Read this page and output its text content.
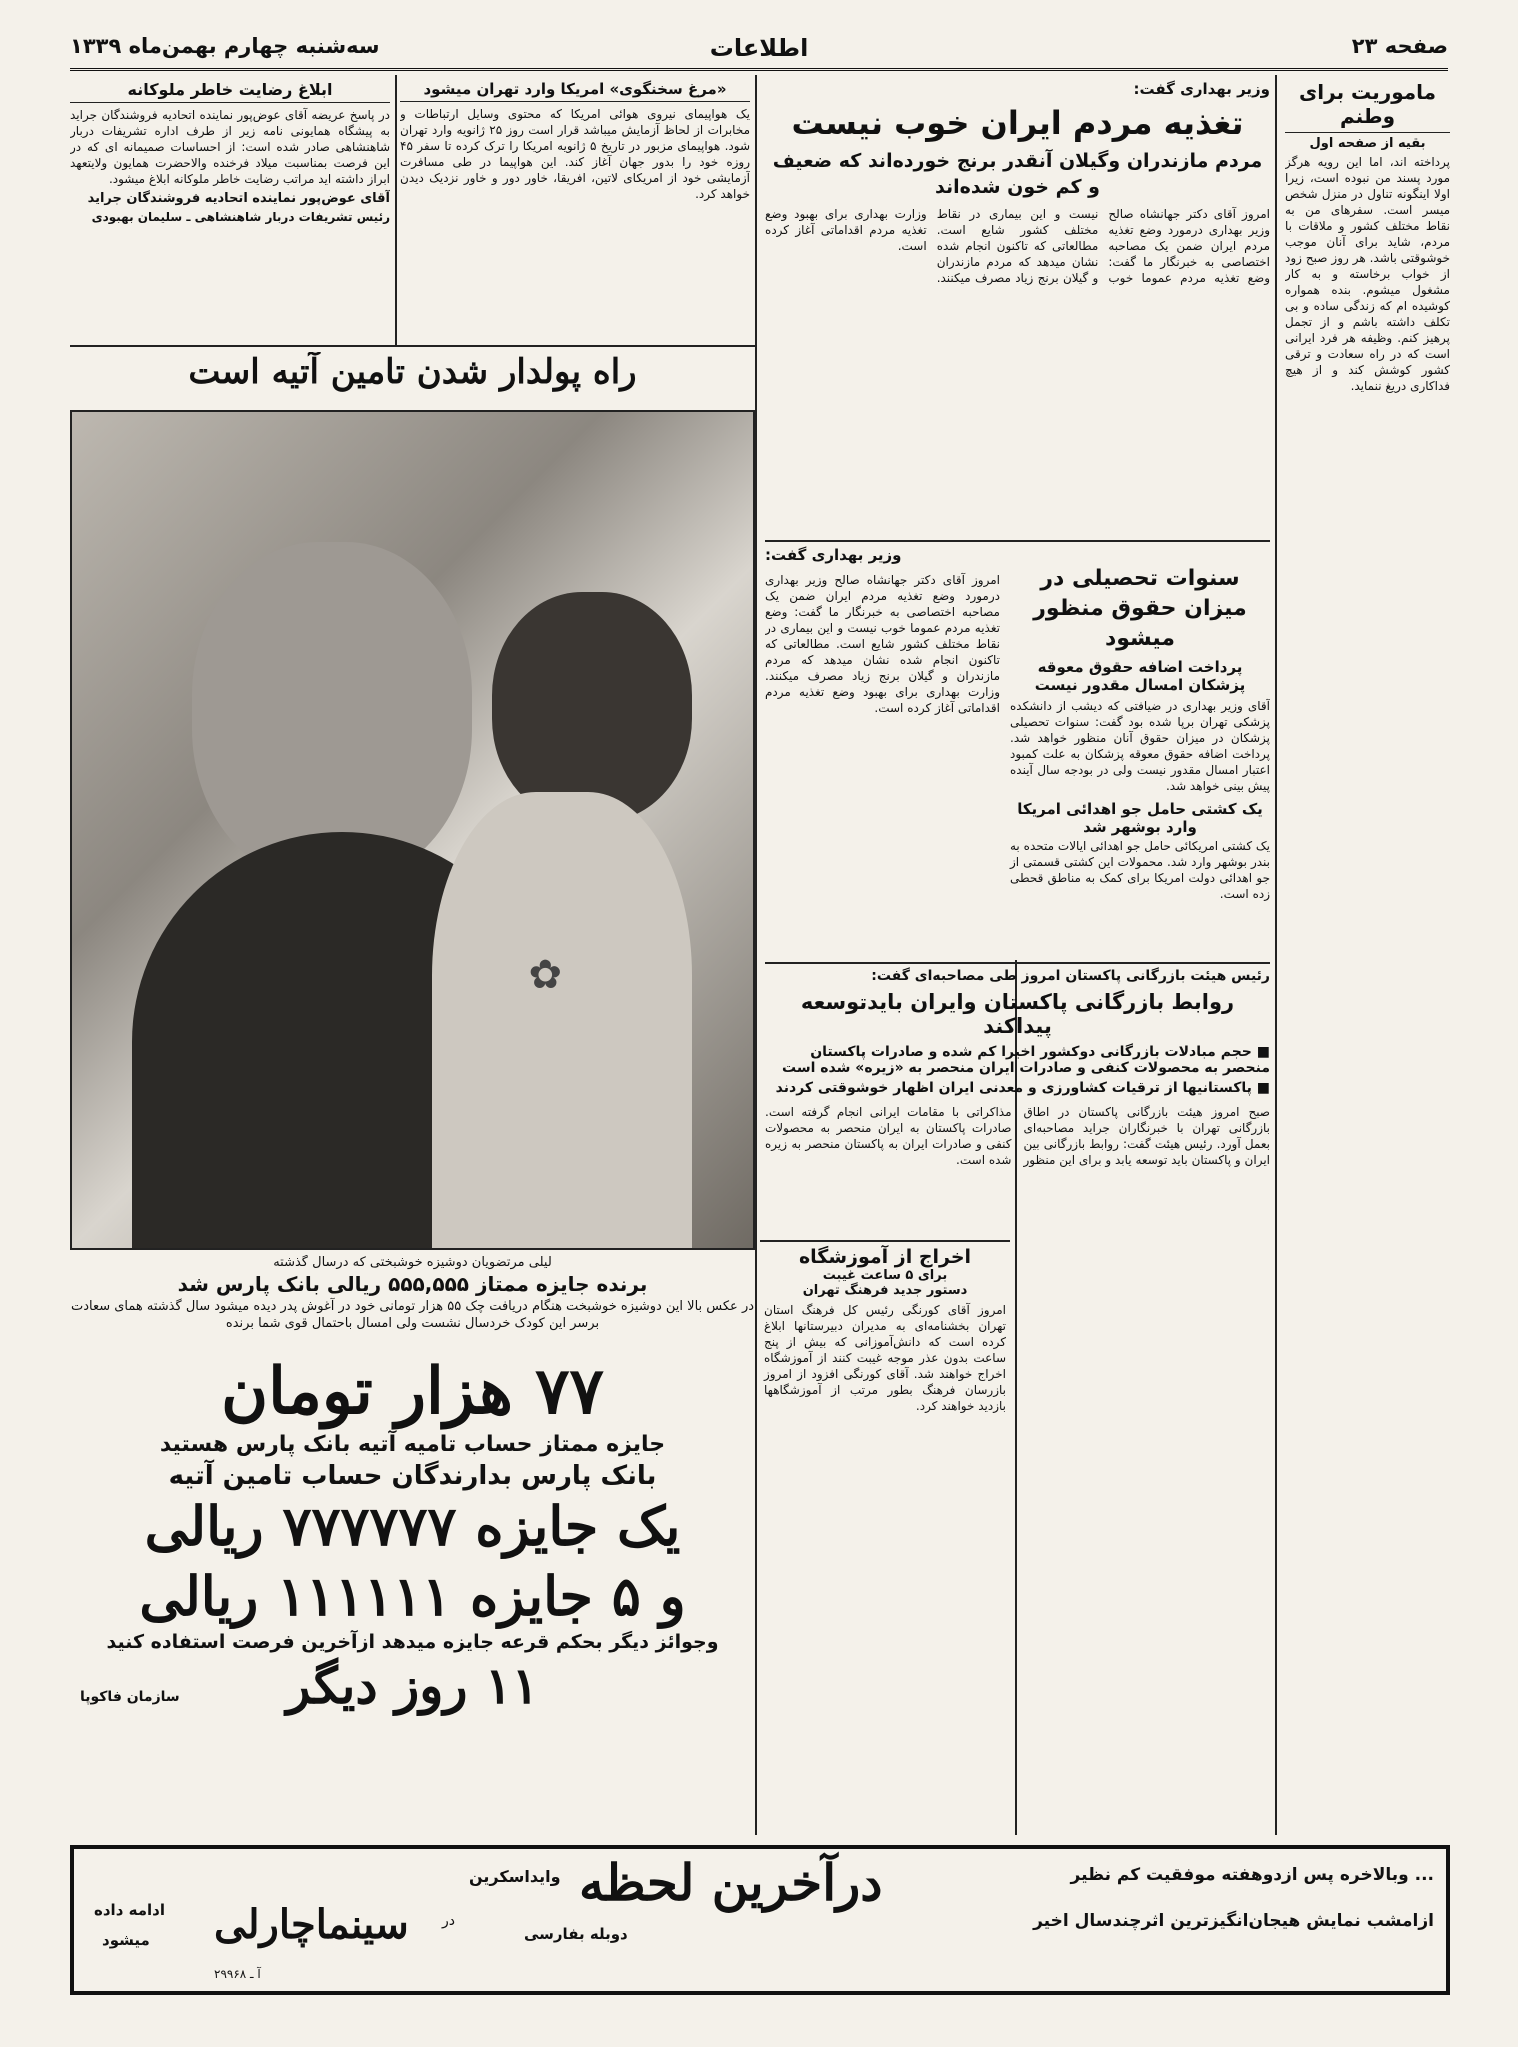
صفحه ۲۳
اطلاعات
سه‌شنبه چهارم بهمن‌ماه ۱۳۳۹
ماموریت برای وطنم
بقیه از صفحه اول
پرداخته اند، اما این رویه هرگز مورد پسند من نبوده است، زیرا اولا اینگونه تناول در منزل شخص میسر است. سفرهای من به نقاط مختلف کشور و ملاقات با مردم، شاید برای آنان موجب خوشوقتی باشد. هر روز صبح زود از خواب برخاسته و به کار مشغول میشوم. بنده همواره کوشیده ام که زندگی ساده و بی تکلف داشته باشم و از تجمل پرهیز کنم. وظیفه هر فرد ایرانی است که در راه سعادت و ترقی کشور کوشش کند و از هیچ فداکاری دریغ ننماید.
وزیر بهداری گفت:
تغذیه مردم ایران خوب نیست
مردم مازندران وگیلان آنقدر برنج خورده‌اند که ضعیف و کم خون شده‌اند
امروز آقای دکتر جهانشاه صالح وزیر بهداری درمورد وضع تغذیه مردم ایران ضمن یک مصاحبه اختصاصی به خبرنگار ما گفت: وضع تغذیه مردم عموما خوب نیست و این بیماری در نقاط مختلف کشور شایع است. مطالعاتی که تاکنون انجام شده نشان میدهد که مردم مازندران و گیلان برنج زیاد مصرف میکنند. وزارت بهداری برای بهبود وضع تغذیه مردم اقداماتی آغاز کرده است.
وزیر بهداری گفت:
سنوات تحصیلی در میزان حقوق منظور میشود
پرداخت اضافه حقوق معوقه پزشکان امسال مقدور نیست
آقای وزیر بهداری در ضیافتی که دیشب از دانشکده پزشکی تهران برپا شده بود گفت: سنوات تحصیلی پزشکان در میزان حقوق آنان منظور خواهد شد. پرداخت اضافه حقوق معوقه پزشکان به علت کمبود اعتبار امسال مقدور نیست ولی در بودجه سال آینده پیش بینی خواهد شد.
یک کشتی حامل جو اهدائی امریکا وارد بوشهر شد
یک کشتی امریکائی حامل جو اهدائی ایالات متحده به بندر بوشهر وارد شد. محمولات این کشتی قسمتی از جو اهدائی دولت امریکا برای کمک به مناطق قحطی زده است.
امروز آقای دکتر جهانشاه صالح وزیر بهداری درمورد وضع تغذیه مردم ایران ضمن یک مصاحبه اختصاصی به خبرنگار ما گفت: وضع تغذیه مردم عموما خوب نیست و این بیماری در نقاط مختلف کشور شایع است. مطالعاتی که تاکنون انجام شده نشان میدهد که مردم مازندران و گیلان برنج زیاد مصرف میکنند. وزارت بهداری برای بهبود وضع تغذیه مردم اقداماتی آغاز کرده است.
رئیس هیئت بازرگانی پاکستان امروز طی مصاحبه‌ای گفت:
روابط بازرگانی پاکستان وایران بایدتوسعه پیداکند
■ حجم مبادلات بازرگانی دوکشور اخیرا کم شده و صادرات پاکستان منحصر به محصولات کنفی و صادرات ایران منحصر به «زیره» شده است
■ پاکستانیها از ترقیات کشاورزی و معدنی ایران اظهار خوشوقتی کردند
صبح امروز هیئت بازرگانی پاکستان در اطاق بازرگانی تهران با خبرنگاران جراید مصاحبه‌ای بعمل آورد. رئیس هیئت گفت: روابط بازرگانی بین ایران و پاکستان باید توسعه یابد و برای این منظور مذاکراتی با مقامات ایرانی انجام گرفته است. صادرات پاکستان به ایران منحصر به محصولات کنفی و صادرات ایران به پاکستان منحصر به زیره شده است.
«مرغ سخنگوی» امریکا وارد تهران میشود
یک هواپیمای نیروی هوائی امریکا که محتوی وسایل ارتباطات و مخابرات از لحاظ آزمایش میباشد قرار است روز ۲۵ ژانویه وارد تهران شود. هواپیمای مزبور در تاریخ ۵ ژانویه امریکا را ترک کرده تا سفر ۴۵ روزه خود را بدور جهان آغاز کند. این هواپیما در طی مسافرت آزمایشی خود از امریکای لاتین، افریقا، خاور دور و خاور نزدیک دیدن خواهد کرد.
ابلاغ رضایت خاطر ملوکانه
در پاسخ عریضه آقای عوض‌پور نماینده اتحادیه فروشندگان جراید به پیشگاه همایونی نامه زیر از طرف اداره تشریفات دربار شاهنشاهی صادر شده است: از احساسات صمیمانه ای که در این فرصت بمناسبت میلاد فرخنده والاحضرت همایون ولایتعهد ابراز داشته اید مراتب رضایت خاطر ملوکانه ابلاغ میشود.
آقای عوض‌پور نماینده اتحادیه فروشندگان جراید
رئیس تشریفات دربار شاهنشاهی ـ سلیمان بهبودی
راه پولدار شدن تامین آتیه است
✿
لیلی مرتضویان دوشیزه خوشبختی که درسال گذشته
برنده جایزه ممتاز ۵۵۵,۵۵۵ ریالی بانک پارس شد
در عکس بالا این دوشیزه خوشبخت هنگام دریافت چک ۵۵ هزار تومانی خود در آغوش پدر دیده میشود سال گذشته همای سعادت برسر این کودک خردسال نشست ولی امسال باحتمال قوی شما برنده
۷۷ هزار تومان
جایزه ممتاز حساب تامیه آتیه بانک پارس هستید
بانک پارس بدارندگان حساب تامین آتیه
یک جایزه ۷۷۷۷۷۷ ریالی
و ۵ جایزه ۱۱۱۱۱۱ ریالی
وجوائز دیگر بحکم قرعه جایزه میدهد ازآخرین فرصت استفاده کنید
۱۱ روز دیگر
سازمان فاکوپا
اخراج از آموزشگاه
برای ۵ ساعت غیبت
دستور جدید فرهنگ تهران
امروز آقای کورنگی رئیس کل فرهنگ استان تهران بخشنامه‌ای به مدیران دبیرستانها ابلاغ کرده است که دانش‌آموزانی که بیش از پنج ساعت بدون عذر موجه غیبت کنند از آموزشگاه اخراج خواهند شد. آقای کورنگی افزود از امروز بازرسان فرهنگ بطور مرتب از آموزشگاهها بازدید خواهند کرد.
... وبالاخره پس ازدوهفته موفقیت کم نظیر
ازامشب نمایش هیجان‌انگیزترین اثرچندسال اخیر
درآخرین لحظه
وایداسکرین
دوبله بفارسی
در
سینماچارلی
ادامه داده
میشود
آ ـ ۲۹۹۶۸
